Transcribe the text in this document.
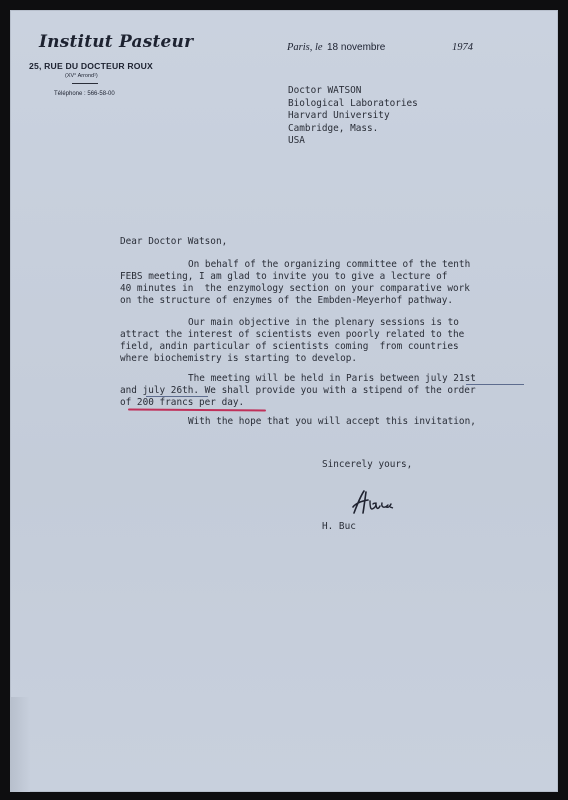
Institut Pasteur
25, RUE DU DOCTEUR ROUX
(XV° Arrond¹)
Téléphone : 566-58-00
Paris, le 18 novembre	1974
Doctor WATSON
Biological Laboratories
Harvard University
Cambridge, Mass.
USA
Dear Doctor Watson,
On behalf of the organizing committee of the tenth
FEBS meeting, I am glad to invite you to give a lecture of
40 minutes in  the enzymology section on your comparative work
on the structure of enzymes of the Embden-Meyerhof pathway.
Our main objective in the plenary sessions is to
attract the interest of scientists even poorly related to the
field, andin particular of scientists coming  from countries
where biochemistry is starting to develop.
The meeting will be held in Paris between july 21st
and july 26th. We shall provide you with a stipend of the order
of 200 francs per day.
With the hope that you will accept this invitation,
Sincerely yours,
H. Buc
